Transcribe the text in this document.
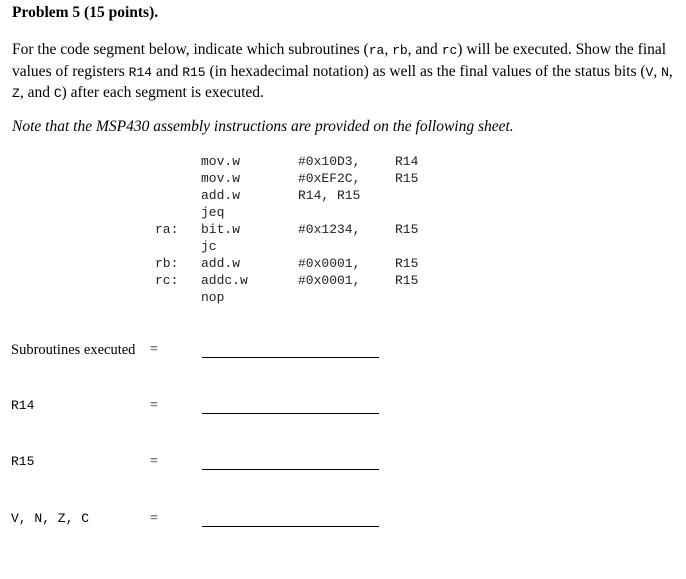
Problem 5 (15 points).
For the code segment below, indicate which subroutines (ra, rb, and rc) will be executed. Show the final values of registers R14 and R15 (in hexadecimal notation) as well as the final values of the status bits (V, N, Z, and C) after each segment is executed.
Note that the MSP430 assembly instructions are provided on the following sheet.
mov.w	#0x10D3,	R14
mov.w	#0xEF2C,	R15
add.w	R14, R15
jeq
ra: bit.w	#0x1234,	R15
jc
rb: add.w	#0x0001,	R15
rc: addc.w	#0x0001,	R15
nop
Subroutines executed =
R14	=
R15	=
V, N, Z, C	=
